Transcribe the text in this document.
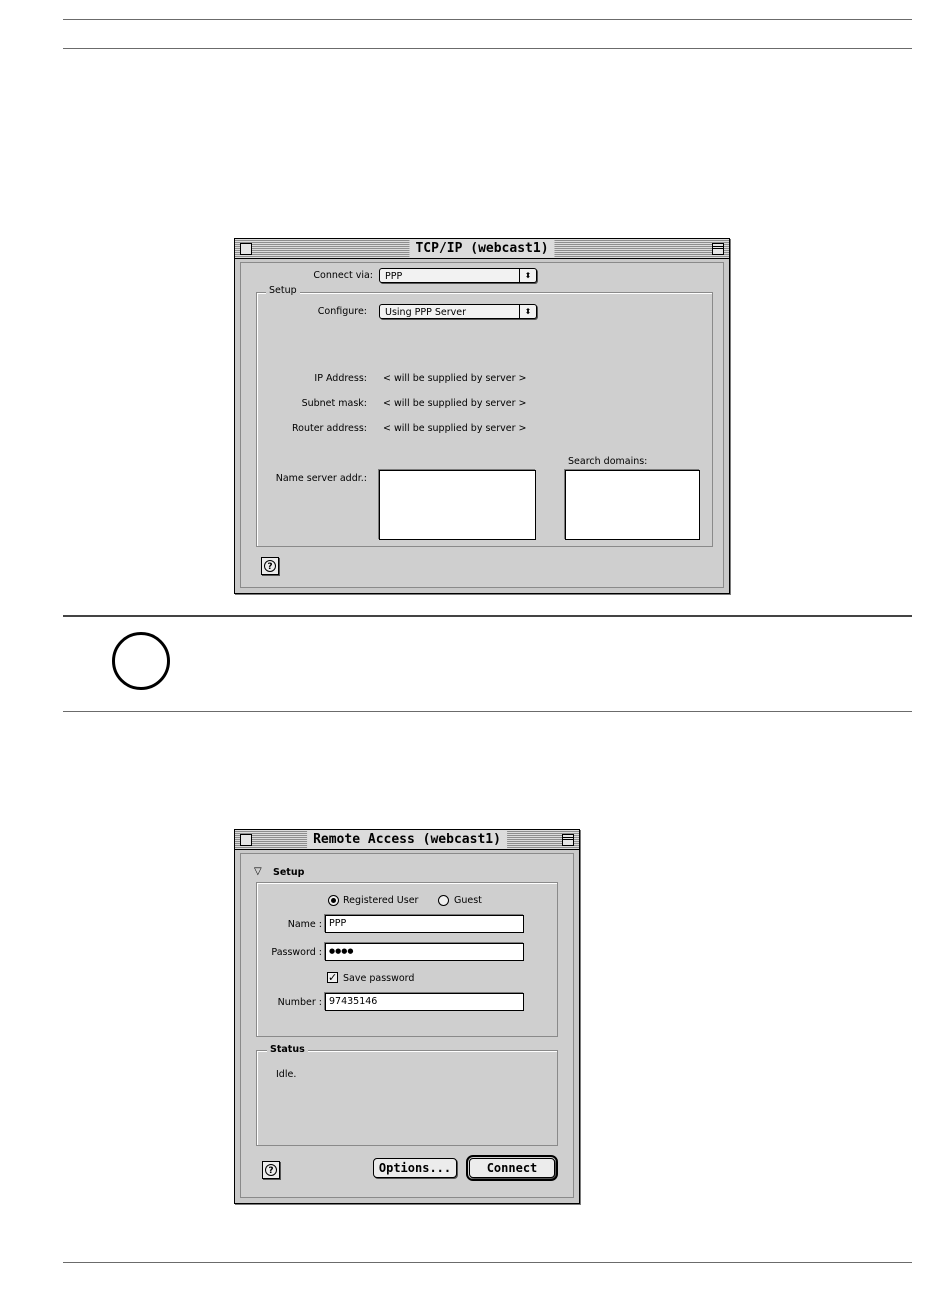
TCP/IP (webcast1)
Connect via:	PPP	⬍
Setup
Configure:	Using PPP Server	⬍
IP Address: < will be supplied by server >
Subnet mask: < will be supplied by server >
Router address: < will be supplied by server >
Name server addr.:
Search domains:
?
Remote Access (webcast1)
▽ Setup
Registered User	Guest
Name : PPP
Password :	●●●●
✓ Save password
Number : 97435146
Status
Idle.
?	Options...	Connect
